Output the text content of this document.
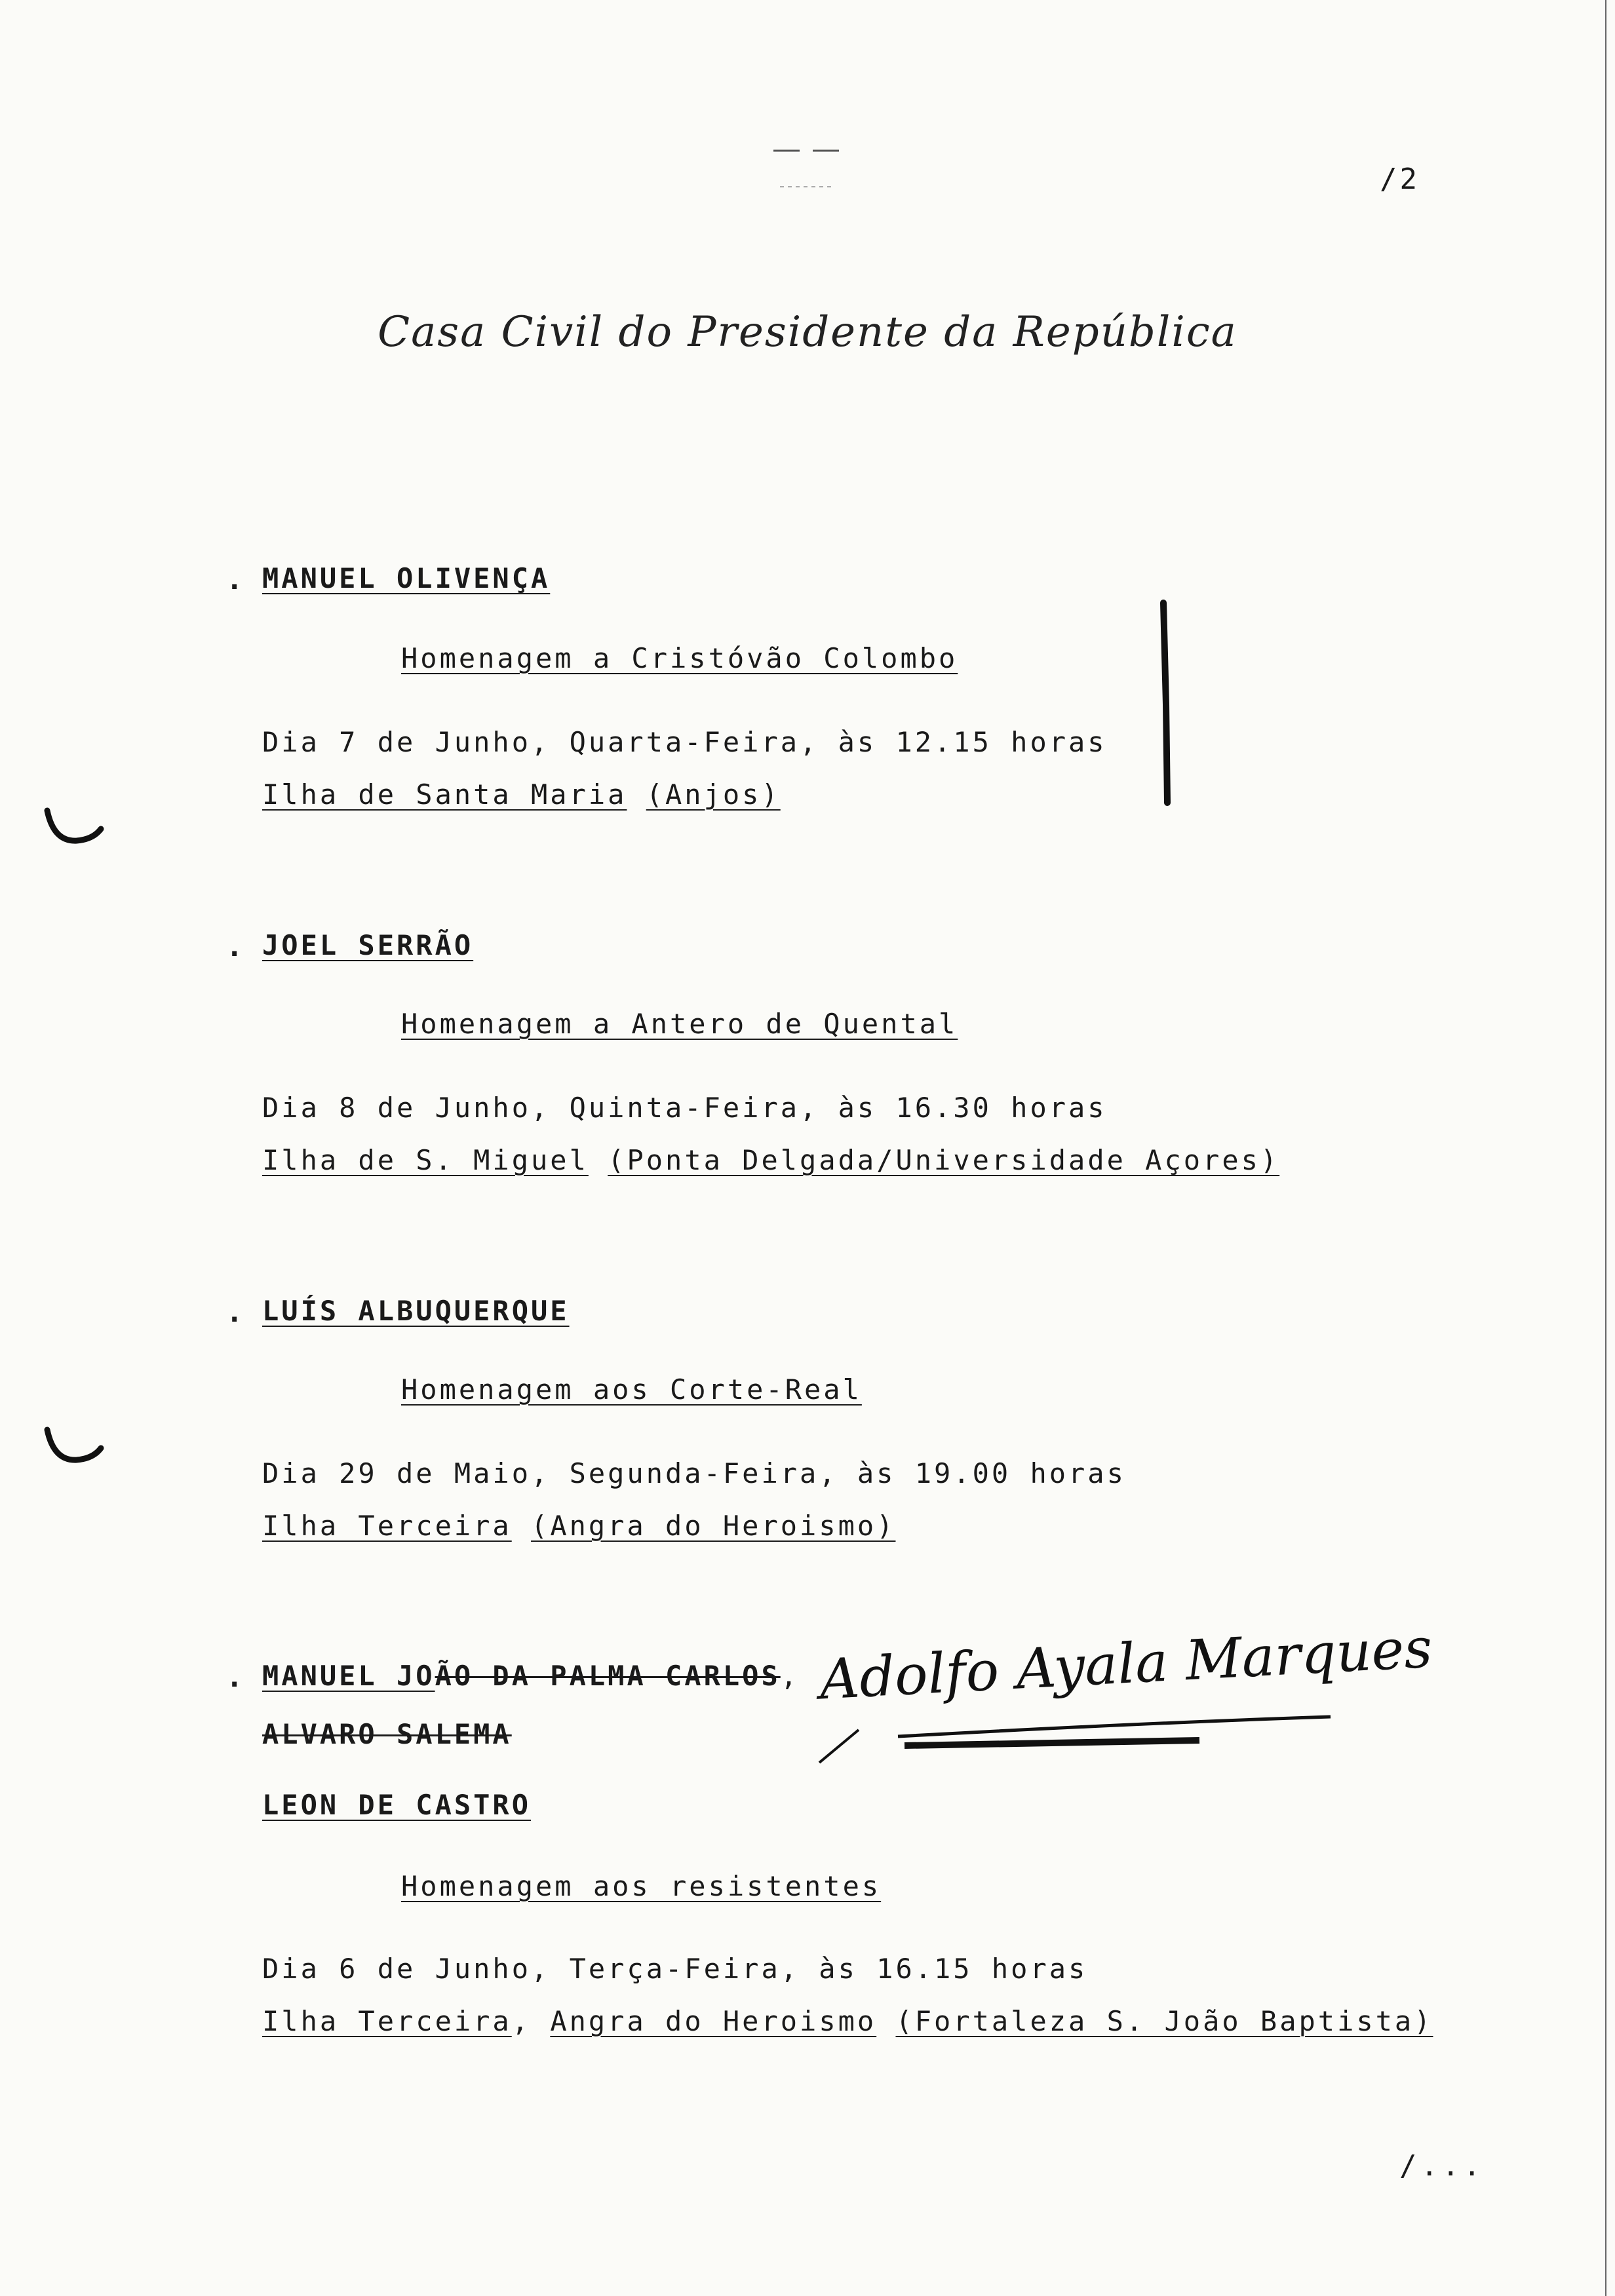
/2
Casa Civil do Presidente da República
. MANUEL OLIVENÇA
Homenagem a Cristóvão Colombo
Dia 7 de Junho, Quarta-Feira, às 12.15 horas
Ilha de Santa Maria (Anjos)
. JOEL SERRÃO
Homenagem a Antero de Quental
Dia 8 de Junho, Quinta-Feira, às 16.30 horas
Ilha de S. Miguel (Ponta Delgada/Universidade Açores)
. LUÍS ALBUQUERQUE
Homenagem aos Corte-Real
Dia 29 de Maio, Segunda-Feira, às 19.00 horas
Ilha Terceira (Angra do Heroismo)
. MANUEL JOÃO DA PALMA CARLOS,
ALVARO SALEMA
LEON DE CASTRO
Adolfo Ayala Marques
Homenagem aos resistentes
Dia 6 de Junho, Terça-Feira, às 16.15 horas
Ilha Terceira, Angra do Heroismo (Fortaleza S. João Baptista)
/...
